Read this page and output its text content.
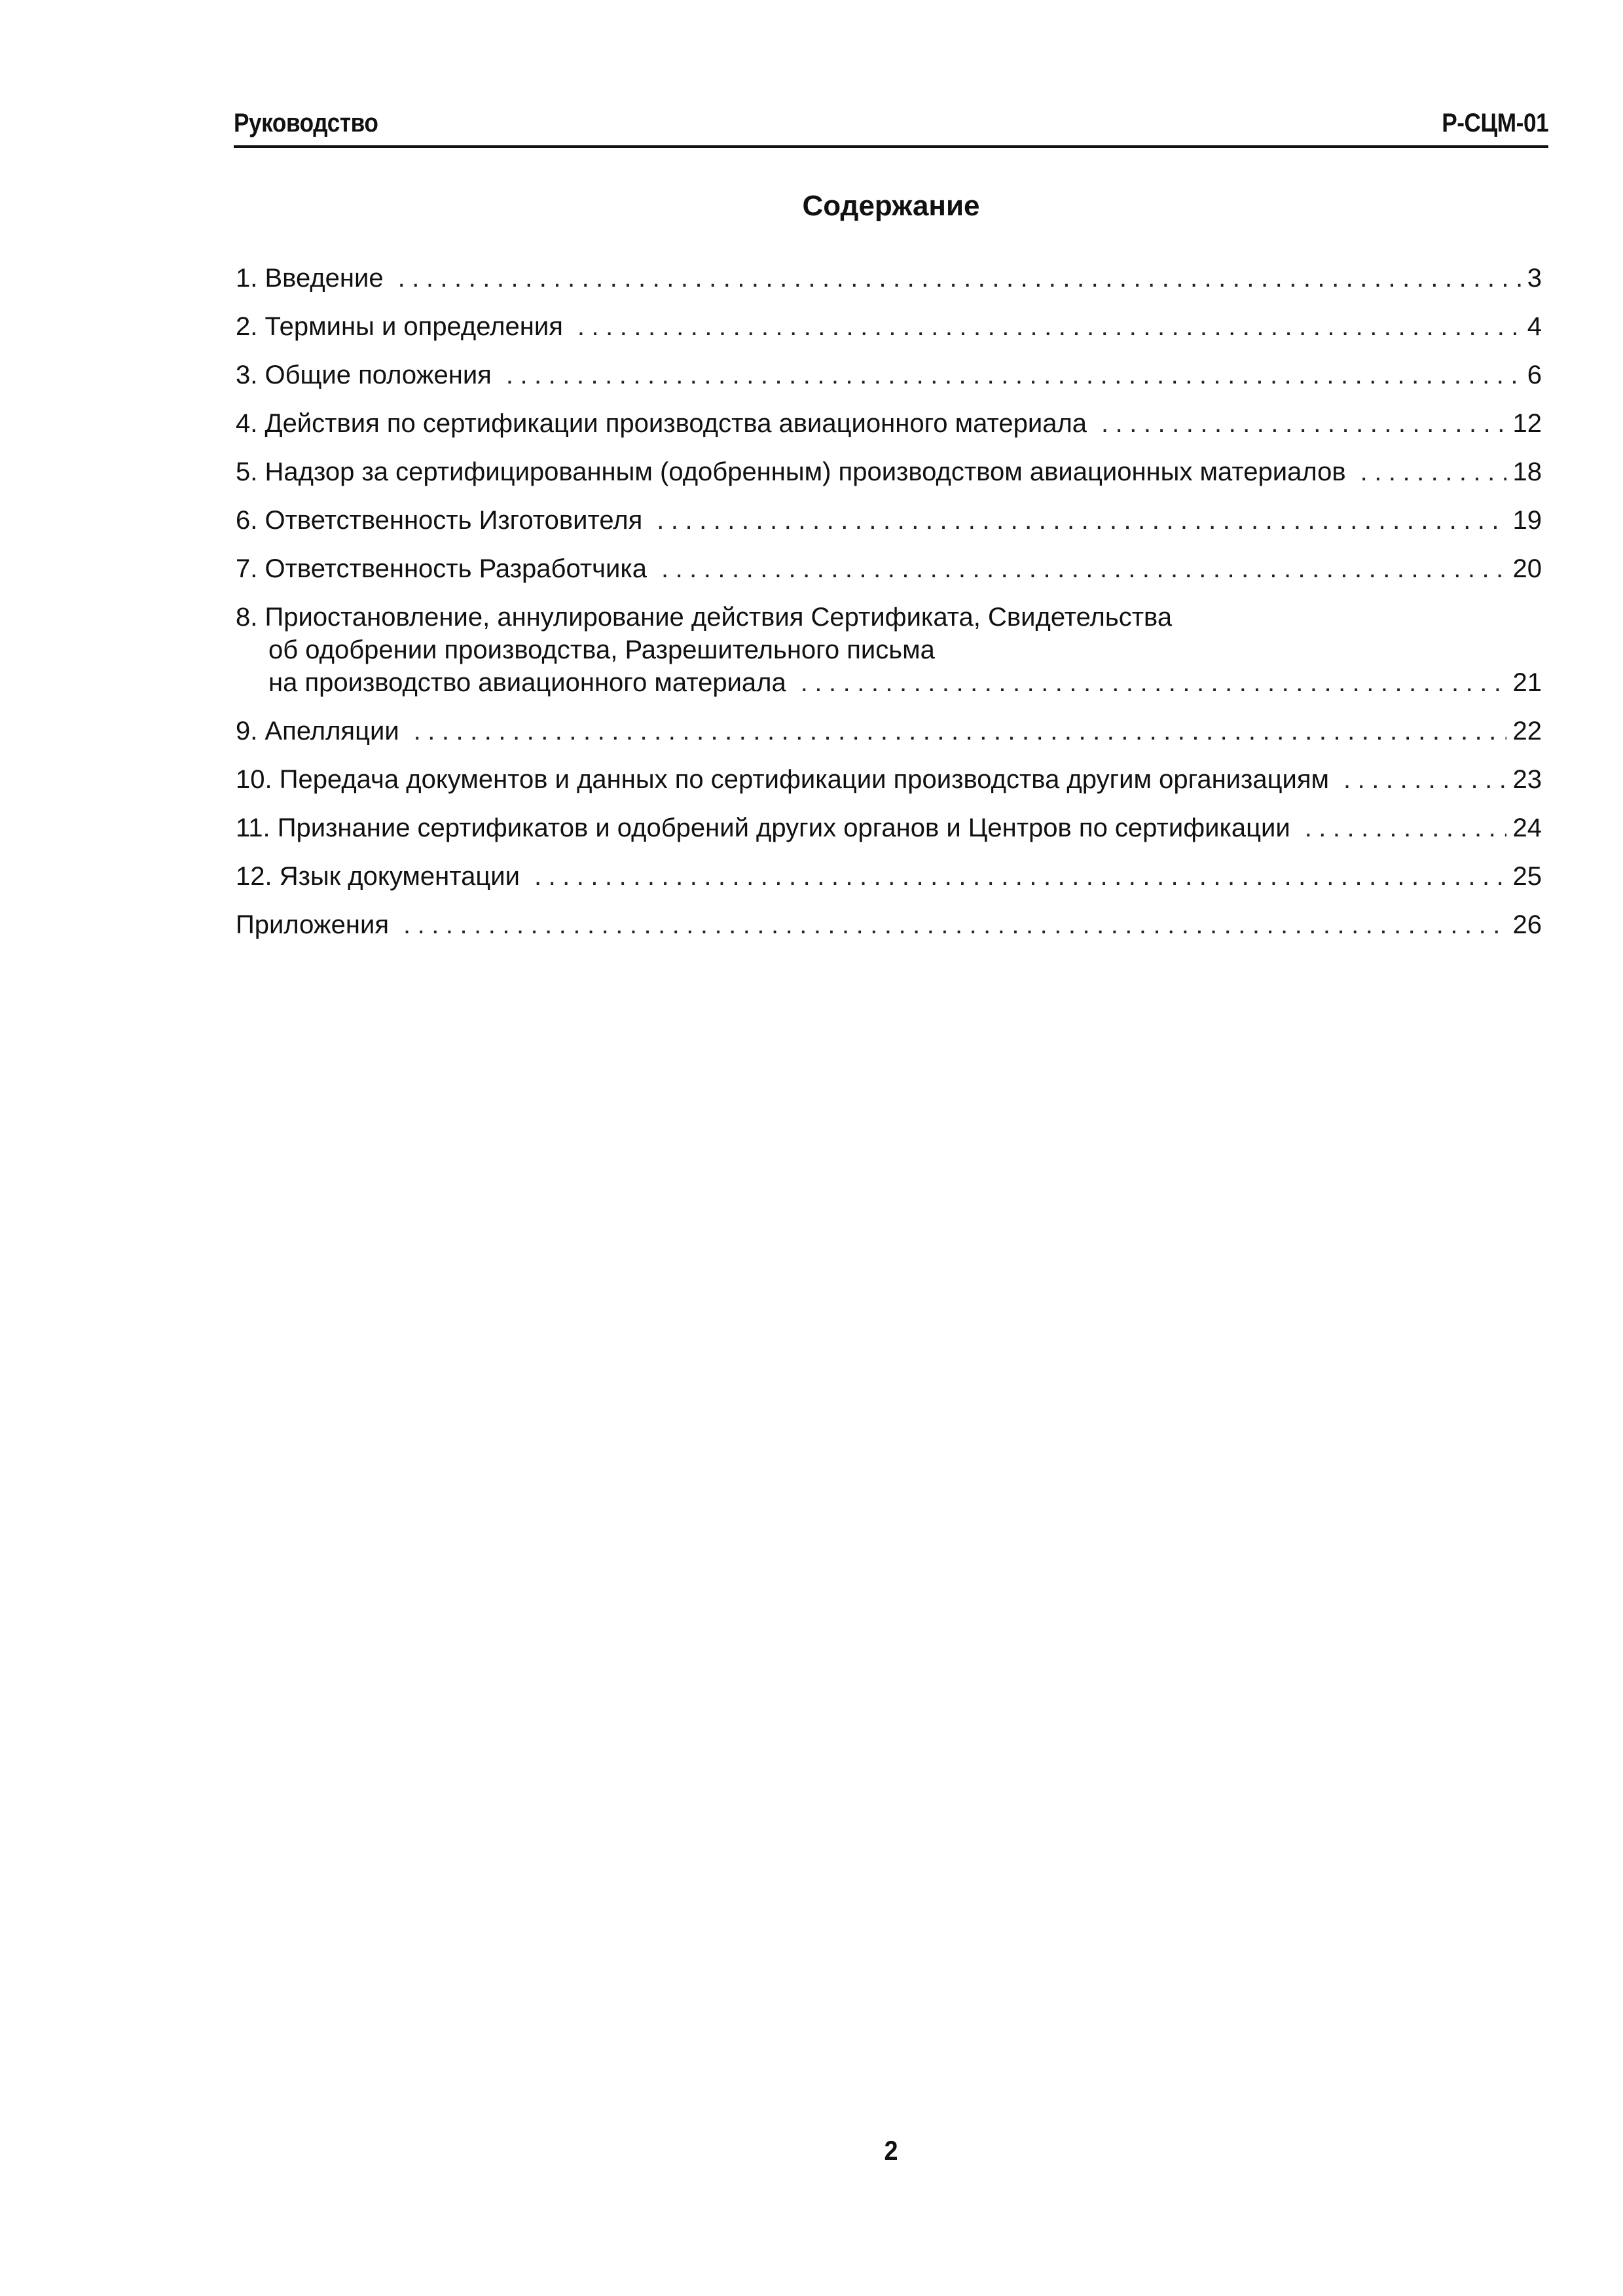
Руководство	Р-СЦМ-01
Содержание
1. Введение .....	3
2. Термины и определения .....	4
3. Общие положения .....	6
4. Действия по сертификации производства авиационного материала .....	12
5. Надзор за сертифицированным (одобренным) производством авиационных материалов .....	18
6. Ответственность Изготовителя .....	19
7. Ответственность Разработчика .....	20
8. Приостановление, аннулирование действия Сертификата, Свидетельства
об одобрении производства, Разрешительного письма
на производство авиационного материала .....	21
9. Апелляции .....	22
10. Передача документов и данных по сертификации производства другим организациям .....	23
11. Признание сертификатов и одобрений других органов и Центров по сертификации .....	24
12. Язык документации .....	25
Приложения .....	26
2
